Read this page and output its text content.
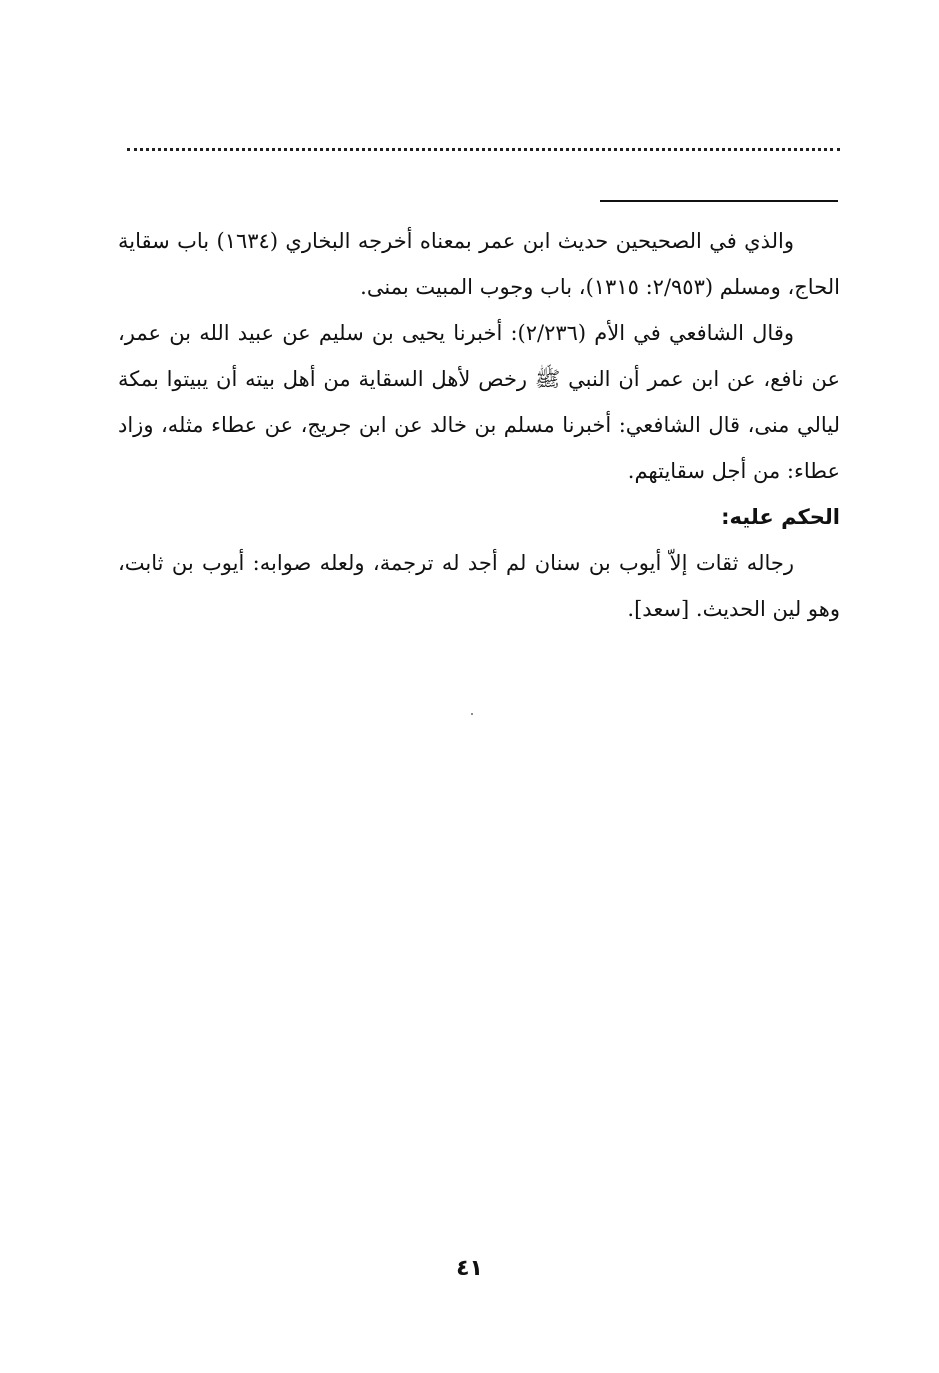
والذي في الصحيحين حديث ابن عمر بمعناه أخرجه البخاري (١٦٣٤) باب سقاية الحاج، ومسلم (٢/٩٥٣: ١٣١٥)، باب وجوب المبيت بمنى.

وقال الشافعي في الأم (٢/٢٣٦): أخبرنا يحيى بن سليم عن عبيد الله بن عمر، عن نافع، عن ابن عمر أن النبي ﷺ رخص لأهل السقاية من أهل بيته أن يبيتوا بمكة ليالي منى، قال الشافعي: أخبرنا مسلم بن خالد عن ابن جريج، عن عطاء مثله، وزاد عطاء: من أجل سقايتهم.

الحكم عليه:

رجاله ثقات إلاّ أيوب بن سنان لم أجد له ترجمة، ولعله صوابه: أيوب بن ثابت، وهو لين الحديث. [سعد].

٤١
